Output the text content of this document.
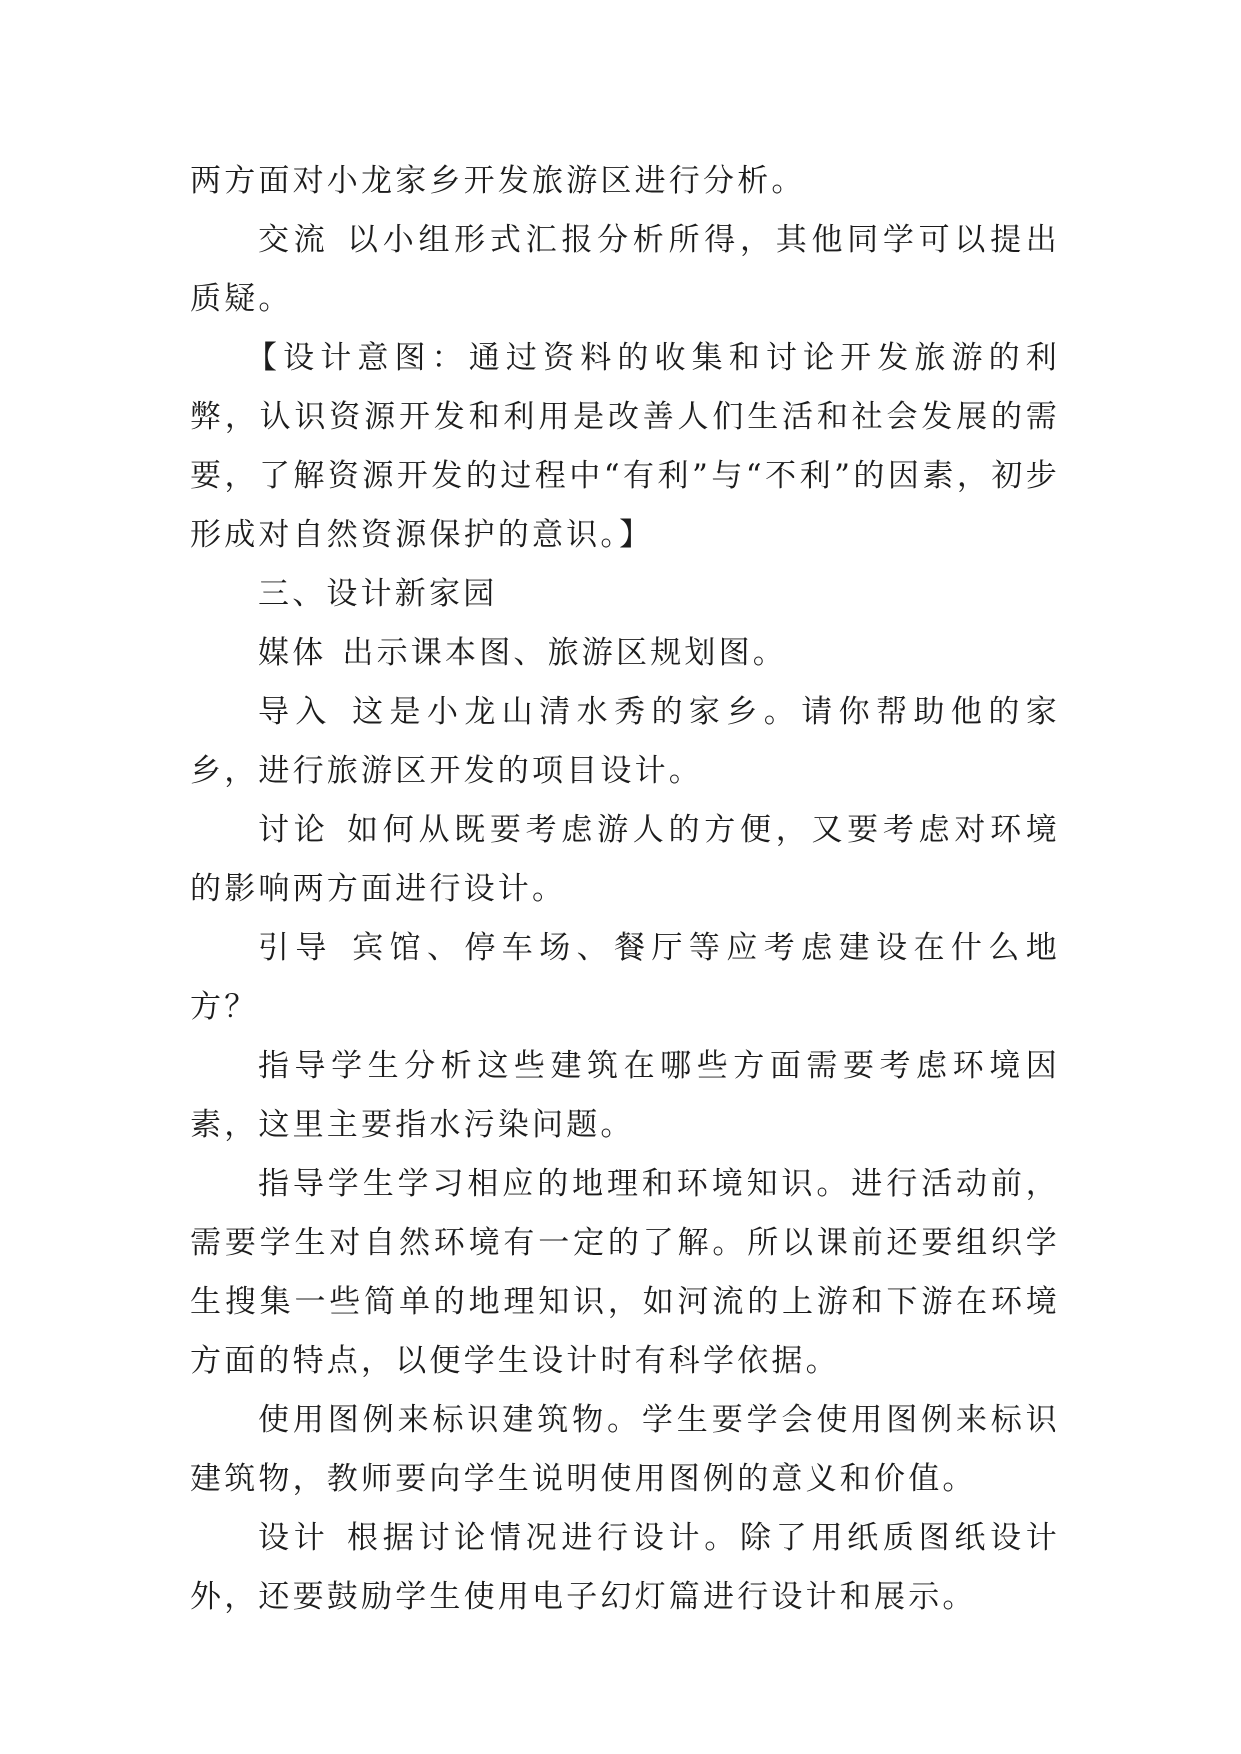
两方面对小龙家乡开发旅游区进行分析。

交流 以小组形式汇报分析所得，其他同学可以提出质疑。

【设计意图：通过资料的收集和讨论开发旅游的利弊，认识资源开发和利用是改善人们生活和社会发展的需要，了解资源开发的过程中“有利”与“不利”的因素，初步形成对自然资源保护的意识。】

三、设计新家园

媒体 出示课本图、旅游区规划图。

导入 这是小龙山清水秀的家乡。请你帮助他的家乡，进行旅游区开发的项目设计。

讨论 如何从既要考虑游人的方便，又要考虑对环境的影响两方面进行设计。

引导 宾馆、停车场、餐厅等应考虑建设在什么地方？

指导学生分析这些建筑在哪些方面需要考虑环境因素，这里主要指水污染问题。

指导学生学习相应的地理和环境知识。进行活动前，需要学生对自然环境有一定的了解。所以课前还要组织学生搜集一些简单的地理知识，如河流的上游和下游在环境方面的特点，以便学生设计时有科学依据。

使用图例来标识建筑物。学生要学会使用图例来标识建筑物，教师要向学生说明使用图例的意义和价值。

设计 根据讨论情况进行设计。除了用纸质图纸设计外，还要鼓励学生使用电子幻灯篇进行设计和展示。
